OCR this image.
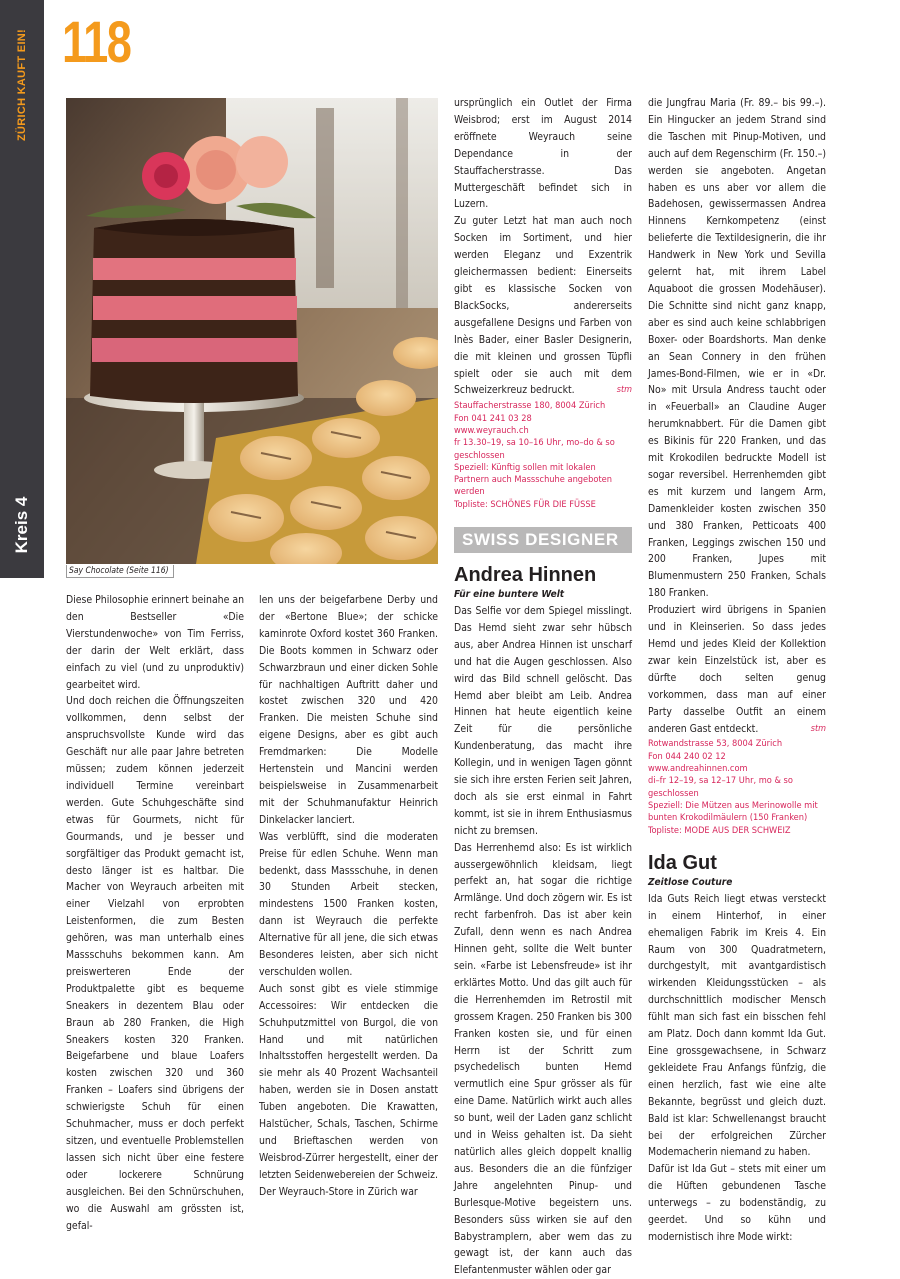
ZÜRICH KAUFT EIN!
Kreis 4
118
Say Chocolate (Seite 116)

Diese Philosophie erinnert beinahe an den Bestseller «Die Vierstundenwoche» von Tim Ferriss, der darin der Welt erklärt, dass einfach zu viel (und zu unproduktiv) gearbeitet wird.

Und doch reichen die Öffnungszeiten vollkommen, denn selbst der anspruchsvollste Kunde wird das Geschäft nur alle paar Jahre betreten müssen; zudem können jederzeit individuell Termine vereinbart werden. Gute Schuhgeschäfte sind etwas für Gourmets, nicht für Gourmands, und je besser und sorgfältiger das Produkt gemacht ist, desto länger ist es haltbar. Die Macher von Weyrauch arbeiten mit einer Vielzahl von erprobten Leistenformen, die zum Besten gehören, was man unterhalb eines Massschuhs bekommen kann. Am preiswerteren Ende der Produktpalette gibt es bequeme Sneakers in dezentem Blau oder Braun ab 280 Franken, die High Sneakers kosten 320 Franken. Beigefarbene und blaue Loafers kosten zwischen 320 und 360 Franken – Loafers sind übrigens der schwierigste Schuh für einen Schuhmacher, muss er doch perfekt sitzen, und eventuelle Problemstellen lassen sich nicht über eine festere oder lockerere Schnürung ausgleichen. Bei den Schnürschuhen, wo die Auswahl am grössten ist, gefal-

len uns der beigefarbene Derby und der «Bertone Blue»; der schicke kaminrote Oxford kostet 360 Franken. Die Boots kommen in Schwarz oder Schwarzbraun und einer dicken Sohle für nachhaltigen Auftritt daher und kostet zwischen 320 und 420 Franken. Die meisten Schuhe sind eigene Designs, aber es gibt auch Fremdmarken: Die Modelle Hertenstein und Mancini werden beispielsweise in Zusammenarbeit mit der Schuhmanufaktur Heinrich Dinkelacker lanciert.

Was verblüfft, sind die moderaten Preise für edlen Schuhe. Wenn man bedenkt, dass Massschuhe, in denen 30 Stunden Arbeit stecken, mindestens 1500 Franken kosten, dann ist Weyrauch die perfekte Alternative für all jene, die sich etwas Besonderes leisten, aber sich nicht verschulden wollen.

Auch sonst gibt es viele stimmige Accessoires: Wir entdecken die Schuhputzmittel von Burgol, die von Hand und mit natürlichen Inhaltsstoffen hergestellt werden. Da sie mehr als 40 Prozent Wachsanteil haben, werden sie in Dosen anstatt Tuben angeboten. Die Krawatten, Halstücher, Schals, Taschen, Schirme und Brieftaschen werden von Weisbrod-Zürrer hergestellt, einer der letzten Seidenwebereien der Schweiz. Der Weyrauch-Store in Zürich war

ursprünglich ein Outlet der Firma Weisbrod; erst im August 2014 eröffnete Weyrauch seine Dependance in der Stauffacherstrasse. Das Muttergeschäft befindet sich in Luzern.

Zu guter Letzt hat man auch noch Socken im Sortiment, und hier werden Eleganz und Exzentrik gleichermassen bedient: Einerseits gibt es klassische Socken von BlackSocks, andererseits ausgefallene Designs und Farben von Inès Bader, einer Basler Designerin, die mit kleinen und grossen Tüpfli spielt oder sie auch mit dem Schweizerkreuz bedruckt.	stm

Stauffacherstrasse 180, 8004 Zürich
Fon 041 241 03 28
www.weyrauch.ch
fr 13.30–19, sa 10–16 Uhr, mo–do & so geschlossen
Speziell: Künftig sollen mit lokalen Partnern auch Massschuhe angeboten werden
Topliste: SCHÖNES FÜR DIE FÜSSE
SWISS DESIGNER
Andrea Hinnen
Für eine buntere Welt

Das Selfie vor dem Spiegel misslingt. Das Hemd sieht zwar sehr hübsch aus, aber Andrea Hinnen ist unscharf und hat die Augen geschlossen. Also wird das Bild schnell gelöscht. Das Hemd aber bleibt am Leib. Andrea Hinnen hat heute eigentlich keine Zeit für die persönliche Kundenberatung, das macht ihre Kollegin, und in wenigen Tagen gönnt sie sich ihre ersten Ferien seit Jahren, doch als sie erst einmal in Fahrt kommt, ist sie in ihrem Enthusiasmus nicht zu bremsen.

Das Herrenhemd also: Es ist wirklich aussergewöhnlich kleidsam, liegt perfekt an, hat sogar die richtige Armlänge. Und doch zögern wir. Es ist recht farbenfroh. Das ist aber kein Zufall, denn wenn es nach Andrea Hinnen geht, sollte die Welt bunter sein. «Farbe ist Lebensfreude» ist ihr erklärtes Motto. Und das gilt auch für die Herrenhemden im Retrostil mit grossem Kragen. 250 Franken bis 300 Franken kosten sie, und für einen Herrn ist der Schritt zum psychedelisch bunten Hemd vermutlich eine Spur grösser als für eine Dame. Natürlich wirkt auch alles so bunt, weil der Laden ganz schlicht und in Weiss gehalten ist. Da sieht natürlich alles gleich doppelt knallig aus. Besonders die an die fünfziger Jahre angelehnten Pinup- und Burlesque-Motive begeistern uns. Besonders süss wirken sie auf den Babystramplern, aber wem das zu gewagt ist, der kann auch das Elefantenmuster wählen oder gar

die Jungfrau Maria (Fr. 89.– bis 99.–). Ein Hingucker an jedem Strand sind die Taschen mit Pinup-Motiven, und auch auf dem Regenschirm (Fr. 150.–) werden sie angeboten. Angetan haben es uns aber vor allem die Badehosen, gewissermassen Andrea Hinnens Kernkompetenz (einst belieferte die Textildesignerin, die ihr Handwerk in New York und Sevilla gelernt hat, mit ihrem Label Aquaboot die grossen Modehäuser). Die Schnitte sind nicht ganz knapp, aber es sind auch keine schlabbrigen Boxer- oder Boardshorts. Man denke an Sean Connery in den frühen James-Bond-Filmen, wie er in «Dr. No» mit Ursula Andress taucht oder in «Feuerball» an Claudine Auger herumknabbert. Für die Damen gibt es Bikinis für 220 Franken, und das mit Krokodilen bedruckte Modell ist sogar reversibel. Herrenhemden gibt es mit kurzem und langem Arm, Damenkleider kosten zwischen 350 und 380 Franken, Petticoats 400 Franken, Leggings zwischen 150 und 200 Franken, Jupes mit Blumenmustern 250 Franken, Schals 180 Franken.

Produziert wird übrigens in Spanien und in Kleinserien. So dass jedes Hemd und jedes Kleid der Kollektion zwar kein Einzelstück ist, aber es dürfte doch selten genug vorkommen, dass man auf einer Party dasselbe Outfit an einem anderen Gast entdeckt.	stm

Rotwandstrasse 53, 8004 Zürich
Fon 044 240 02 12
www.andreahinnen.com
di–fr 12–19, sa 12–17 Uhr, mo & so geschlossen
Speziell: Die Mützen aus Merinowolle mit bunten Krokodilmäulern (150 Franken)
Topliste: MODE AUS DER SCHWEIZ
Ida Gut
Zeitlose Couture

Ida Guts Reich liegt etwas versteckt in einem Hinterhof, in einer ehemaligen Fabrik im Kreis 4. Ein Raum von 300 Quadratmetern, durchgestylt, mit avantgardistisch wirkenden Kleidungsstücken – als durchschnittlich modischer Mensch fühlt man sich fast ein bisschen fehl am Platz. Doch dann kommt Ida Gut. Eine grossgewachsene, in Schwarz gekleidete Frau Anfangs fünfzig, die einen herzlich, fast wie eine alte Bekannte, begrüsst und gleich duzt. Bald ist klar: Schwellenangst braucht bei der erfolgreichen Zürcher Modemacherin niemand zu haben.

Dafür ist Ida Gut – stets mit einer um die Hüften gebundenen Tasche unterwegs – zu bodenständig, zu geerdet. Und so kühn und modernistisch ihre Mode wirkt:
